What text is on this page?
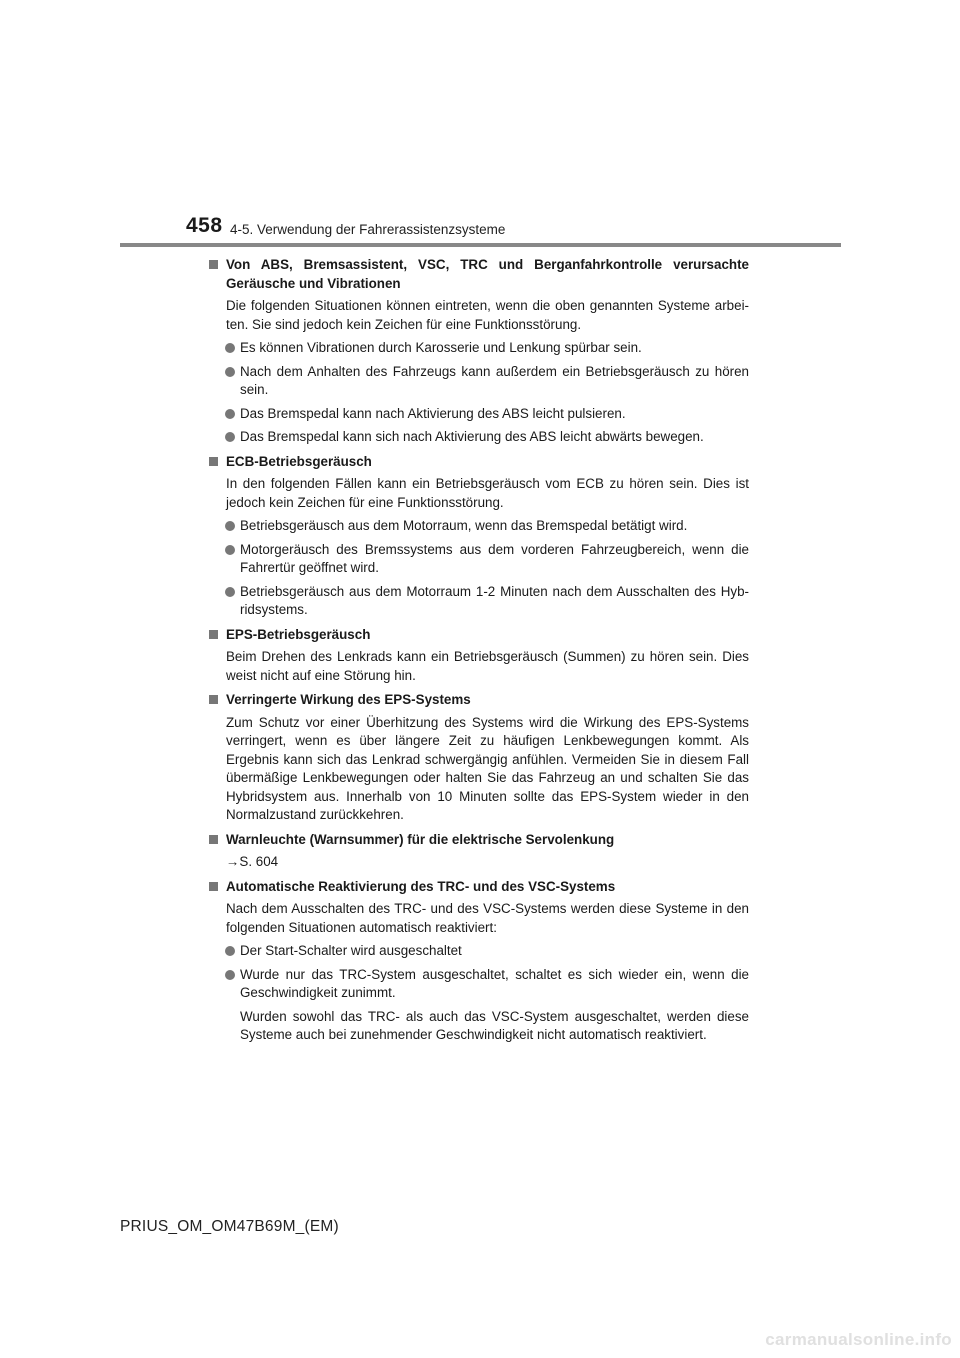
458 4-5. Verwendung der Fahrerassistenzsysteme
Von ABS, Bremsassistent, VSC, TRC und Berganfahrkontrolle verursachte Geräusche und Vibrationen
Die folgenden Situationen können eintreten, wenn die oben genannten Systeme arbei-ten. Sie sind jedoch kein Zeichen für eine Funktionsstörung.
Es können Vibrationen durch Karosserie und Lenkung spürbar sein.
Nach dem Anhalten des Fahrzeugs kann außerdem ein Betriebsgeräusch zu hören sein.
Das Bremspedal kann nach Aktivierung des ABS leicht pulsieren.
Das Bremspedal kann sich nach Aktivierung des ABS leicht abwärts bewegen.
ECB-Betriebsgeräusch
In den folgenden Fällen kann ein Betriebsgeräusch vom ECB zu hören sein. Dies ist jedoch kein Zeichen für eine Funktionsstörung.
Betriebsgeräusch aus dem Motorraum, wenn das Bremspedal betätigt wird.
Motorgeräusch des Bremssystems aus dem vorderen Fahrzeugbereich, wenn die Fahrertür geöffnet wird.
Betriebsgeräusch aus dem Motorraum 1-2 Minuten nach dem Ausschalten des Hyb-ridsystems.
EPS-Betriebsgeräusch
Beim Drehen des Lenkrads kann ein Betriebsgeräusch (Summen) zu hören sein. Dies weist nicht auf eine Störung hin.
Verringerte Wirkung des EPS-Systems
Zum Schutz vor einer Überhitzung des Systems wird die Wirkung des EPS-Systems verringert, wenn es über längere Zeit zu häufigen Lenkbewegungen kommt. Als Ergebnis kann sich das Lenkrad schwergängig anfühlen. Vermeiden Sie in diesem Fall übermäßige Lenkbewegungen oder halten Sie das Fahrzeug an und schalten Sie das Hybridsystem aus. Innerhalb von 10 Minuten sollte das EPS-System wieder in den Normalzustand zurückkehren.
Warnleuchte (Warnsummer) für die elektrische Servolenkung
→S. 604
Automatische Reaktivierung des TRC- und des VSC-Systems
Nach dem Ausschalten des TRC- und des VSC-Systems werden diese Systeme in den folgenden Situationen automatisch reaktiviert:
Der Start-Schalter wird ausgeschaltet
Wurde nur das TRC-System ausgeschaltet, schaltet es sich wieder ein, wenn die Geschwindigkeit zunimmt.
Wurden sowohl das TRC- als auch das VSC-System ausgeschaltet, werden diese Systeme auch bei zunehmender Geschwindigkeit nicht automatisch reaktiviert.
PRIUS_OM_OM47B69M_(EM)
carmanualsonline.info
